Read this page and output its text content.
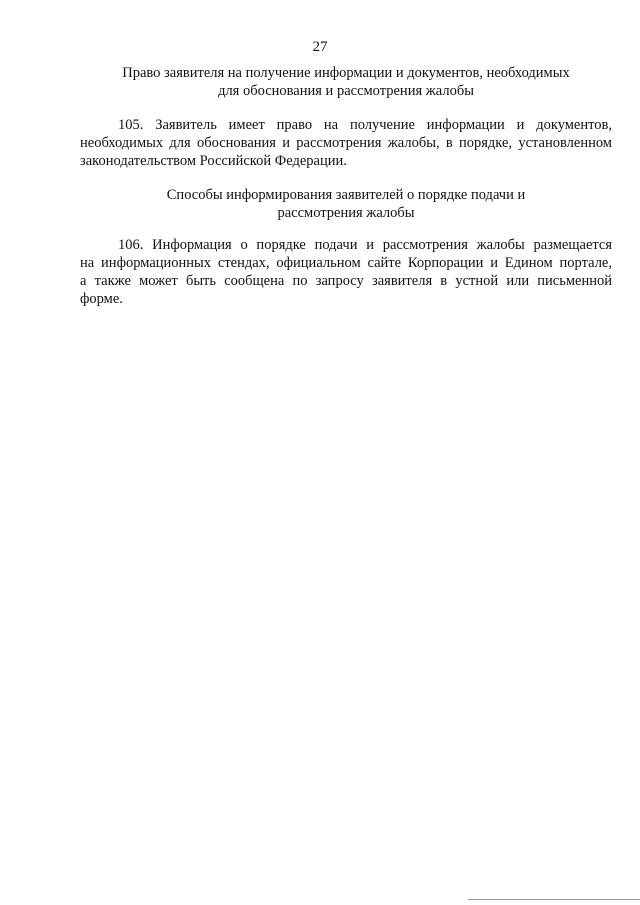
27
Право заявителя на получение информации и документов, необходимых
для обоснования и рассмотрения жалобы
105. Заявитель имеет право на получение информации и документов,
необходимых для обоснования и рассмотрения жалобы, в порядке, установленном
законодательством Российской Федерации.
Способы информирования заявителей о порядке подачи и
рассмотрения жалобы
106. Информация о порядке подачи и рассмотрения жалобы размещается
на информационных стендах, официальном сайте Корпорации и Едином портале,
а также может быть сообщена по запросу заявителя в устной или письменной
форме.
